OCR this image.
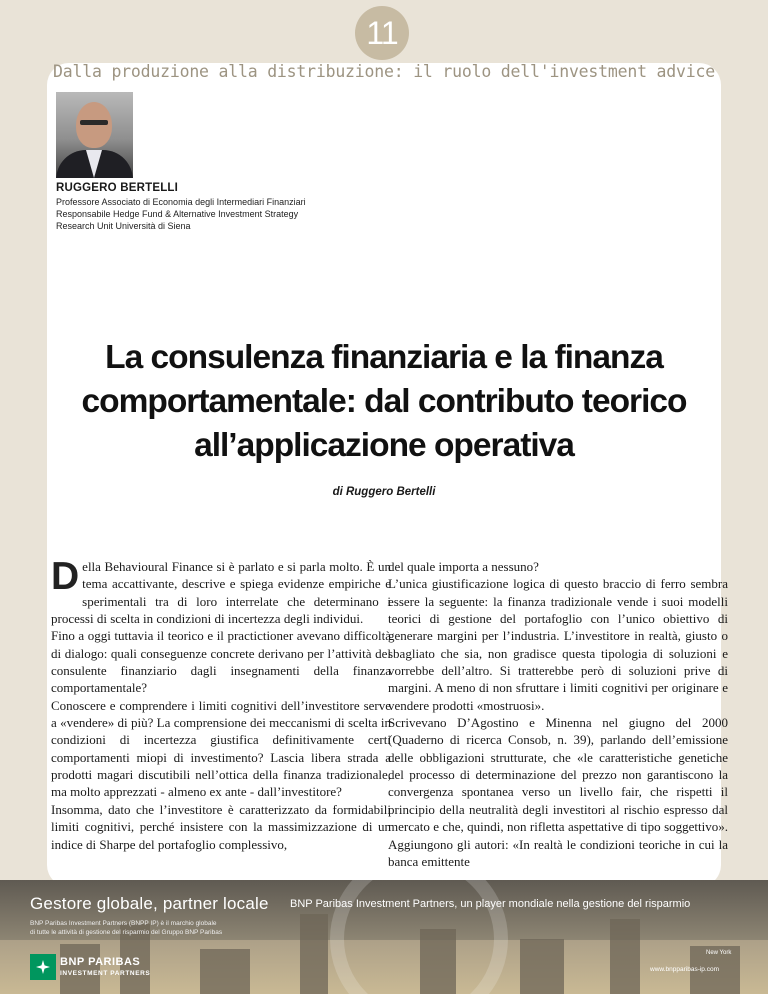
11
Dalla produzione alla distribuzione: il ruolo dell'investment advice
RUGGERO BERTELLI
Professore Associato di Economia degli Intermediari Finanziari
Responsabile Hedge Fund & Alternative Investment Strategy
Research Unit Università di Siena
La consulenza finanziaria e la finanza comportamentale: dal contributo teorico all’applicazione operativa
di Ruggero Bertelli

Della Behavioural Finance si è parlato e si parla molto. È un tema accattivante, descrive e spiega evidenze empiriche e sperimentali tra di loro interrelate che determinano i processi di scelta in condizioni di incertezza degli individui.

Fino a oggi tuttavia il teorico e il practictioner avevano difficoltà di dialogo: quali conseguenze concrete derivano per l’attività del consulente finanziario dagli insegnamenti della finanza comportamentale?

Conoscere e comprendere i limiti cognitivi dell’investitore serve a «vendere» di più? La comprensione dei meccanismi di scelta in condizioni di incertezza giustifica definitivamente certi comportamenti miopi di investimento? Lascia libera strada a prodotti magari discutibili nell’ottica della finanza tradizionale, ma molto apprezzati - almeno ex ante - dall’investitore?

Insomma, dato che l’investitore è caratterizzato da formidabili limiti cognitivi, perché insistere con la massimizzazione di un indice di Sharpe del portafoglio complessivo,

del quale importa a nessuno?

L’unica giustificazione logica di questo braccio di ferro sembra essere la seguente: la finanza tradizionale vende i suoi modelli teorici di gestione del portafoglio con l’unico obiettivo di generare margini per l’industria. L’investitore in realtà, giusto o sbagliato che sia, non gradisce questa tipologia di soluzioni e vorrebbe dell’altro. Si tratterebbe però di soluzioni prive di margini. A meno di non sfruttare i limiti cognitivi per originare e vendere prodotti «mostruosi».

Scrivevano D’Agostino e Minenna nel giugno del 2000 (Quaderno di ricerca Consob, n. 39), parlando dell’emissione delle obbligazioni strutturate, che «le caratteristiche genetiche del processo di determinazione del prezzo non garantiscono la convergenza spontanea verso un livello fair, che rispetti il principio della neutralità degli investitori al rischio espresso dal mercato e che, quindi, non rifletta aspettative di tipo soggettivo». Aggiungono gli autori: «In realtà le condizioni teoriche in cui la banca emittente

Gestore globale, partner locale BNP Paribas Investment Partners, un player mondiale nella gestione del risparmio
BNP Paribas Investment Partners (BNPP IP) è il marchio globale
di tutte le attività di gestione del risparmio del Gruppo BNP Paribas
New York
BNP PARIBAS
INVESTMENT PARTNERS
www.bnpparibas-ip.com
